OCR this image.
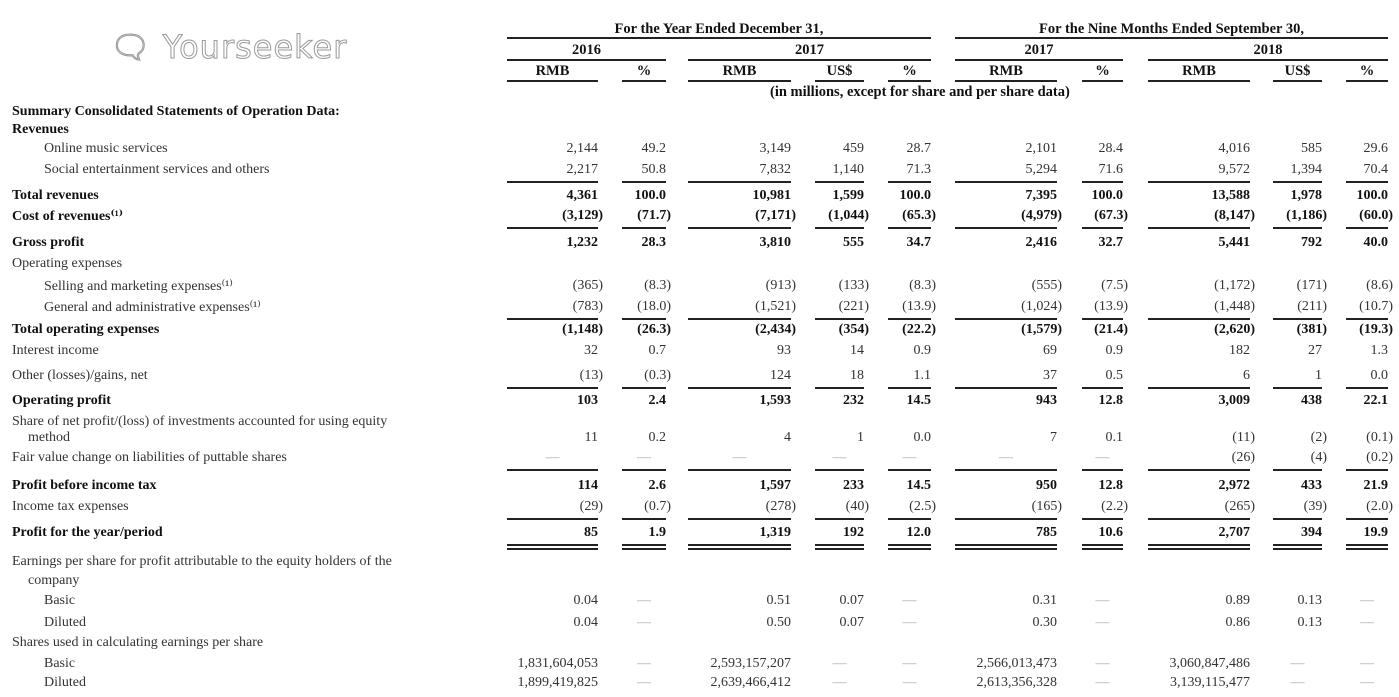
For the Year Ended December 31,	For the Nine Months Ended September 30,
2016	2017	2017	2018
(in millions, except for share and per share data)
RMB	%	RMB	US$	%	RMB	%	RMB	US$	%
Summary Consolidated Statements of Operation Data:
Revenues
Online music services	2,144	49.2	3,149	459	28.7	2,101	28.4	4,016	585	29.6
Social entertainment services and others	2,217	50.8	7,832	1,140	71.3	5,294	71.6	9,572	1,394	70.4
Total revenues	4,361	100.0	10,981	1,599	100.0	7,395	100.0	13,588	1,978	100.0
Cost of revenues⁽¹⁾	(3,129) (71.7)	(7,171) (1,044) (65.3)	(4,979) (67.3)	(8,147) (1,186) (60.0)
Gross profit	1,232	28.3	3,810	555	34.7	2,416	32.7	5,441	792	40.0
Operating expenses
Selling and marketing expenses⁽¹⁾	(365)	(8.3)	(913)	(133)	(8.3)	(555)	(7.5)	(1,172)	(171)	(8.6)
General and administrative expenses⁽¹⁾	(783) (18.0)	(1,521)	(221) (13.9)	(1,024) (13.9)	(1,448)	(211) (10.7)
Total operating expenses	(1,148) (26.3)	(2,434)	(354) (22.2)	(1,579) (21.4)	(2,620)	(381) (19.3)
Interest income	32	0.7	93	14	0.9	69	0.9	182	27	1.3
Other (losses)/gains, net	(13)	(0.3)	124	18	1.1	37	0.5	6	1	0.0
Operating profit	103	2.4	1,593	232	14.5	943	12.8	3,009	438	22.1
Share of net profit/(loss) of investments accounted for using equity
method	11	0.2	4	1	0.0	7	0.1	(11)	(2)	(0.1)
Fair value change on liabilities of puttable shares	—	—	—	—	—	—	—	(26)	(4)	(0.2)
Profit before income tax	114	2.6	1,597	233	14.5	950	12.8	2,972	433	21.9
Income tax expenses	(29)	(0.7)	(278)	(40)	(2.5)	(165)	(2.2)	(265)	(39)	(2.0)
Profit for the year/period	85	1.9	1,319	192	12.0	785	10.6	2,707	394	19.9
Earnings per share for profit attributable to the equity holders of the
company
Basic	0.04	—	0.51	0.07	—	0.31	—	0.89	0.13	—
Diluted	0.04	—	0.50	0.07	—	0.30	—	0.86	0.13	—
Shares used in calculating earnings per share
Basic	1,831,604,053	—	2,593,157,207	—	—	2,566,013,473	—	3,060,847,486	—	—
Diluted	1,899,419,825	—	2,639,466,412	—	—	2,613,356,328	—	3,139,115,477	—	—
🗨 Yourseeker
